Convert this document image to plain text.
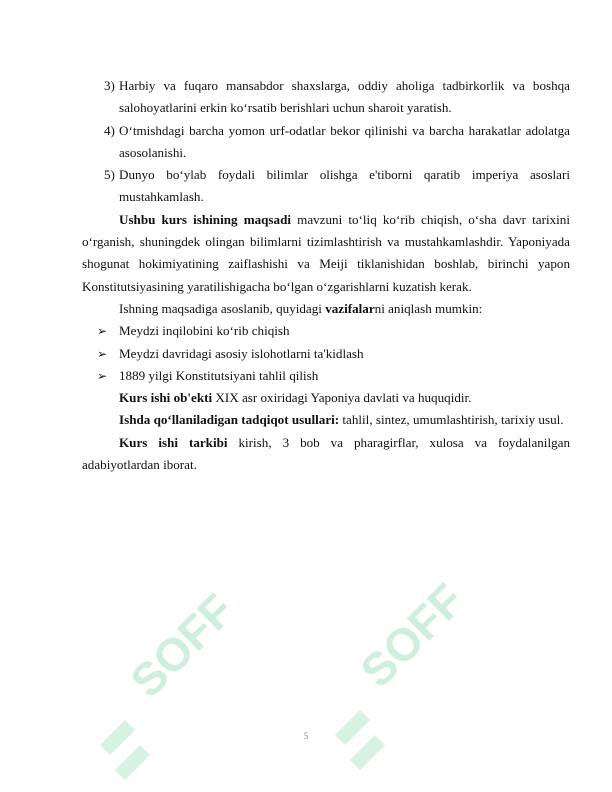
SOFF
SOFF
3) Harbiy va fuqaro mansabdor shaxslarga, oddiy aholiga tadbirkorlik va boshqa salohoyatlarini erkin ko‘rsatib berishlari uchun sharoit yaratish.
4) O‘tmishdagi barcha yomon urf-odatlar bekor qilinishi va barcha harakatlar adolatga asosolanishi.
5) Dunyo bo‘ylab foydali bilimlar olishga e'tiborni qaratib imperiya asoslari mustahkamlash.
Ushbu kurs ishining maqsadi mavzuni to‘liq ko‘rib chiqish, o‘sha davr tarixini o‘rganish, shuningdek olingan bilimlarni tizimlashtirish va mustahkamlashdir. Yaponiyada shogunat hokimiyatining zaiflashishi va Meiji tiklanishidan boshlab, birinchi yapon Konstitutsiyasining yaratilishigacha bo‘lgan o‘zgarishlarni kuzatish kerak.
Ishning maqsadiga asoslanib, quyidagi vazifalarni aniqlash mumkin:
➢ Meydzi inqilobini ko‘rib chiqish
➢ Meydzi davridagi asosiy islohotlarni ta'kidlash
➢ 1889 yilgi Konstitutsiyani tahlil qilish
Kurs ishi ob'ekti XIX asr oxiridagi Yaponiya davlati va huquqidir.
Ishda qo‘llaniladigan tadqiqot usullari: tahlil, sintez, umumlashtirish, tarixiy usul.
Kurs ishi tarkibi kirish, 3 bob va pharagirflar, xulosa va foydalanilgan adabiyotlardan iborat.
5
